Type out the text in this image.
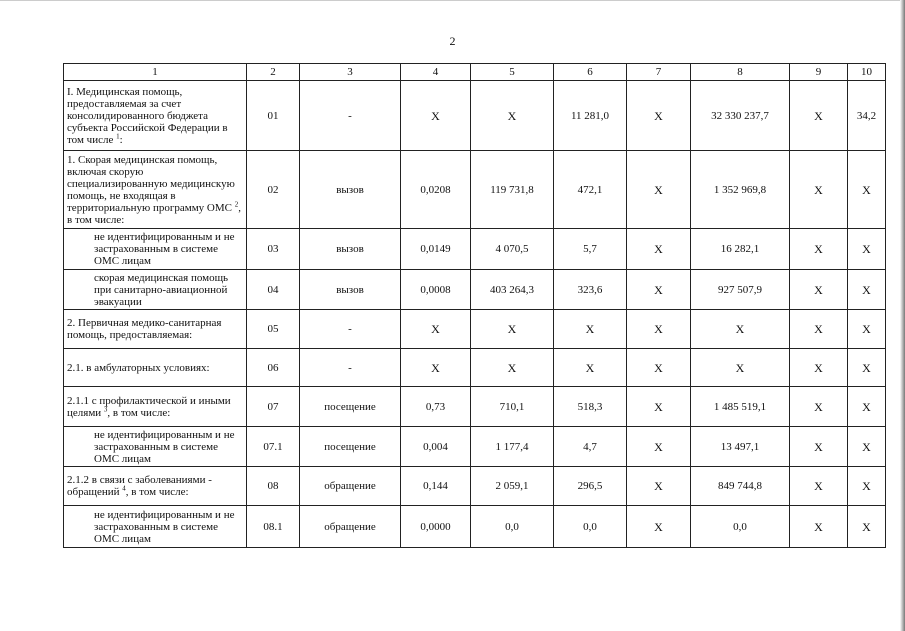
2
1	2	3	4	5	6	7	8	9	10
I. Медицинская помощь, предоставляемая за счет консолидированного бюджета субъекта Российской Федерации в том числе $^1$:	01	-	X	X	11 281,0	X	32 330 237,7	X	34,2
1. Скорая медицинская помощь, включая скорую специализированную медицинскую помощь, не входящая в территориальную программу ОМС $^2$, в том числе:	02	вызов	0,0208	119 731,8	472,1	X	1 352 969,8	X	X
не идентифицированным и не застрахованным в системе ОМС лицам	03	вызов	0,0149	4 070,5	5,7	X	16 282,1	X	X
скорая медицинская помощь при санитарно-авиационной эвакуации	04	вызов	0,0008	403 264,3	323,6	X	927 507,9	X	X
2. Первичная медико-санитарная помощь, предоставляемая:	05	-	X	X	X	X	X	X	X
2.1. в амбулаторных условиях:	06	-	X	X	X	X	X	X	X
2.1.1 с профилактической и иными целями $^3$, в том числе:	07	посещение	0,73	710,1	518,3	X	1 485 519,1	X	X
не идентифицированным и не застрахованным в системе ОМС лицам	07.1	посещение	0,004	1 177,4	4,7	X	13 497,1	X	X
2.1.2 в связи с заболеваниями - обращений $^4$, в том числе:	08	обращение	0,144	2 059,1	296,5	X	849 744,8	X	X
не идентифицированным и не застрахованным в системе ОМС лицам	08.1	обращение	0,0000	0,0	0,0	X	0,0	X	X
